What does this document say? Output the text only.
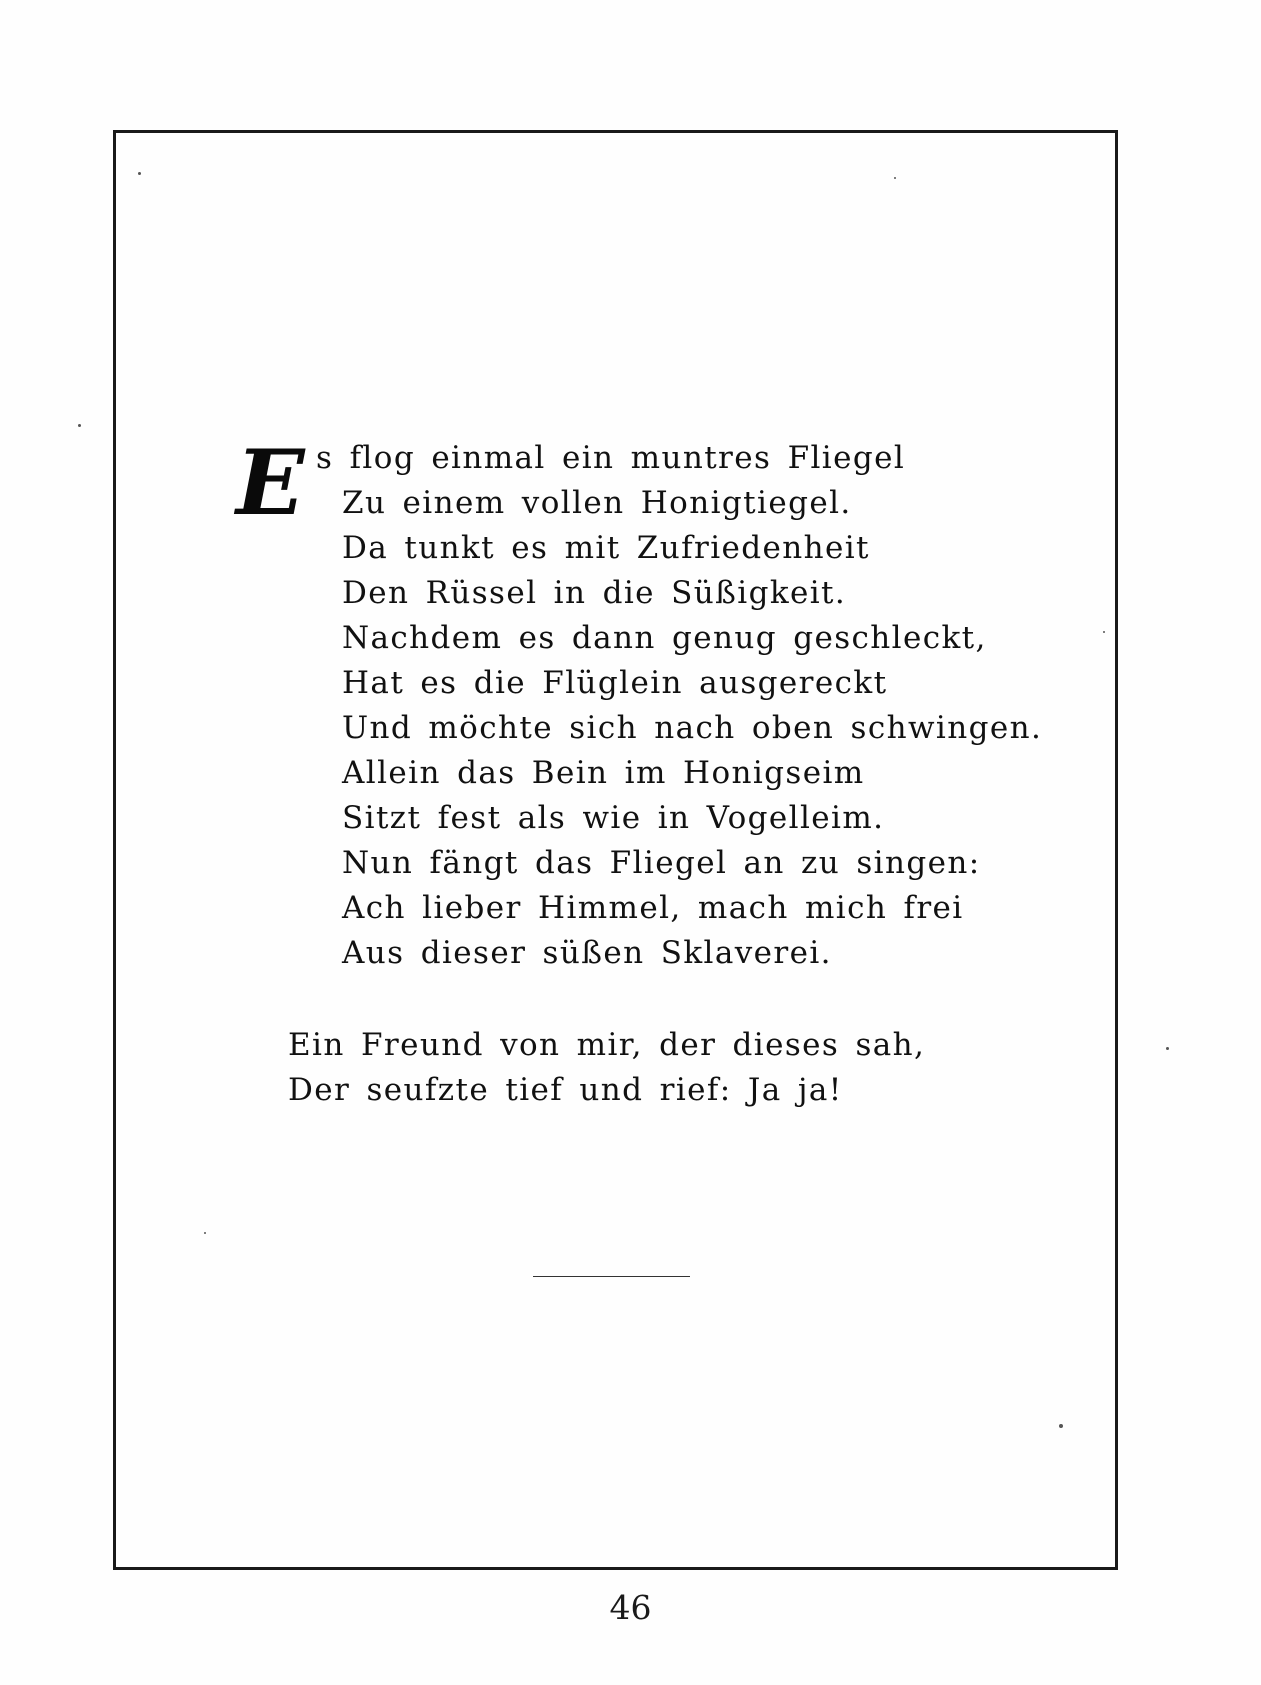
E s flog einmal ein muntres Fliegel
Zu einem vollen Honigtiegel.
Da tunkt es mit Zufriedenheit
Den Rüssel in die Süßigkeit.
Nachdem es dann genug geschleckt,
Hat es die Flüglein ausgereckt
Und möchte sich nach oben schwingen.
Allein das Bein im Honigseim
Sitzt fest als wie in Vogelleim.
Nun fängt das Fliegel an zu singen:
Ach lieber Himmel, mach mich frei
Aus dieser süßen Sklaverei.
Ein Freund von mir, der dieses sah,
Der seufzte tief und rief: Ja ja!
46
